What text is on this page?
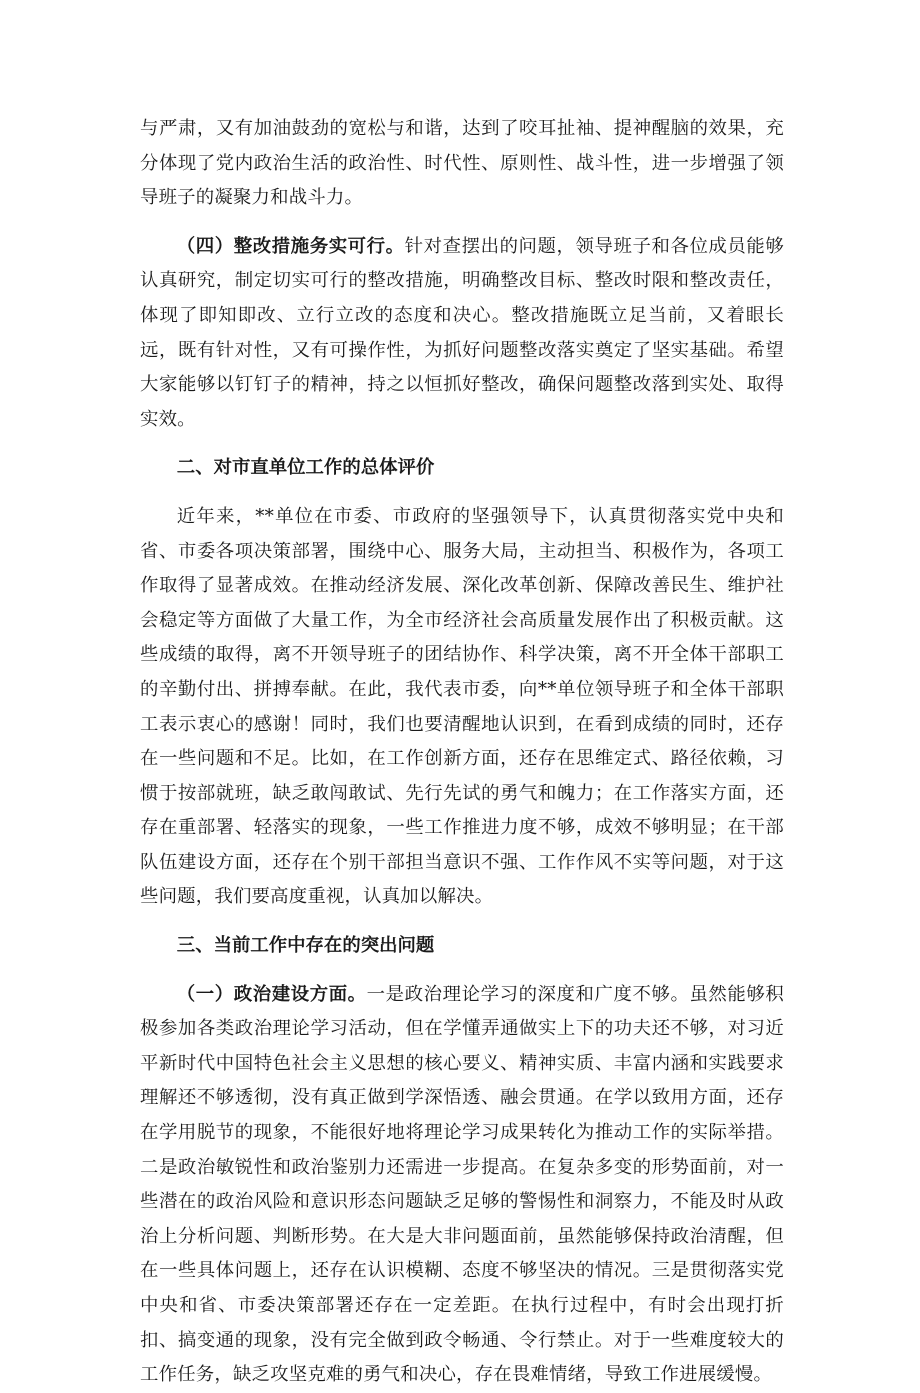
与严肃，又有加油鼓劲的宽松与和谐，达到了咬耳扯袖、提神醒脑的效果，充分体现了党内政治生活的政治性、时代性、原则性、战斗性，进一步增强了领导班子的凝聚力和战斗力。

（四）整改措施务实可行。针对查摆出的问题，领导班子和各位成员能够认真研究，制定切实可行的整改措施，明确整改目标、整改时限和整改责任，体现了即知即改、立行立改的态度和决心。整改措施既立足当前，又着眼长远，既有针对性，又有可操作性，为抓好问题整改落实奠定了坚实基础。希望大家能够以钉钉子的精神，持之以恒抓好整改，确保问题整改落到实处、取得实效。

二、对市直单位工作的总体评价

近年来，**单位在市委、市政府的坚强领导下，认真贯彻落实党中央和省、市委各项决策部署，围绕中心、服务大局，主动担当、积极作为，各项工作取得了显著成效。在推动经济发展、深化改革创新、保障改善民生、维护社会稳定等方面做了大量工作，为全市经济社会高质量发展作出了积极贡献。这些成绩的取得，离不开领导班子的团结协作、科学决策，离不开全体干部职工的辛勤付出、拼搏奉献。在此，我代表市委，向**单位领导班子和全体干部职工表示衷心的感谢！同时，我们也要清醒地认识到，在看到成绩的同时，还存在一些问题和不足。比如，在工作创新方面，还存在思维定式、路径依赖，习惯于按部就班，缺乏敢闯敢试、先行先试的勇气和魄力；在工作落实方面，还存在重部署、轻落实的现象，一些工作推进力度不够，成效不够明显；在干部队伍建设方面，还存在个别干部担当意识不强、工作作风不实等问题，对于这些问题，我们要高度重视，认真加以解决。

三、当前工作中存在的突出问题

（一）政治建设方面。一是政治理论学习的深度和广度不够。虽然能够积极参加各类政治理论学习活动，但在学懂弄通做实上下的功夫还不够，对习近平新时代中国特色社会主义思想的核心要义、精神实质、丰富内涵和实践要求理解还不够透彻，没有真正做到学深悟透、融会贯通。在学以致用方面，还存在学用脱节的现象，不能很好地将理论学习成果转化为推动工作的实际举措。二是政治敏锐性和政治鉴别力还需进一步提高。在复杂多变的形势面前，对一些潜在的政治风险和意识形态问题缺乏足够的警惕性和洞察力，不能及时从政治上分析问题、判断形势。在大是大非问题面前，虽然能够保持政治清醒，但在一些具体问题上，还存在认识模糊、态度不够坚决的情况。三是贯彻落实党中央和省、市委决策部署还存在一定差距。在执行过程中，有时会出现打折扣、搞变通的现象，没有完全做到政令畅通、令行禁止。对于一些难度较大的工作任务，缺乏攻坚克难的勇气和决心，存在畏难情绪，导致工作进展缓慢。
